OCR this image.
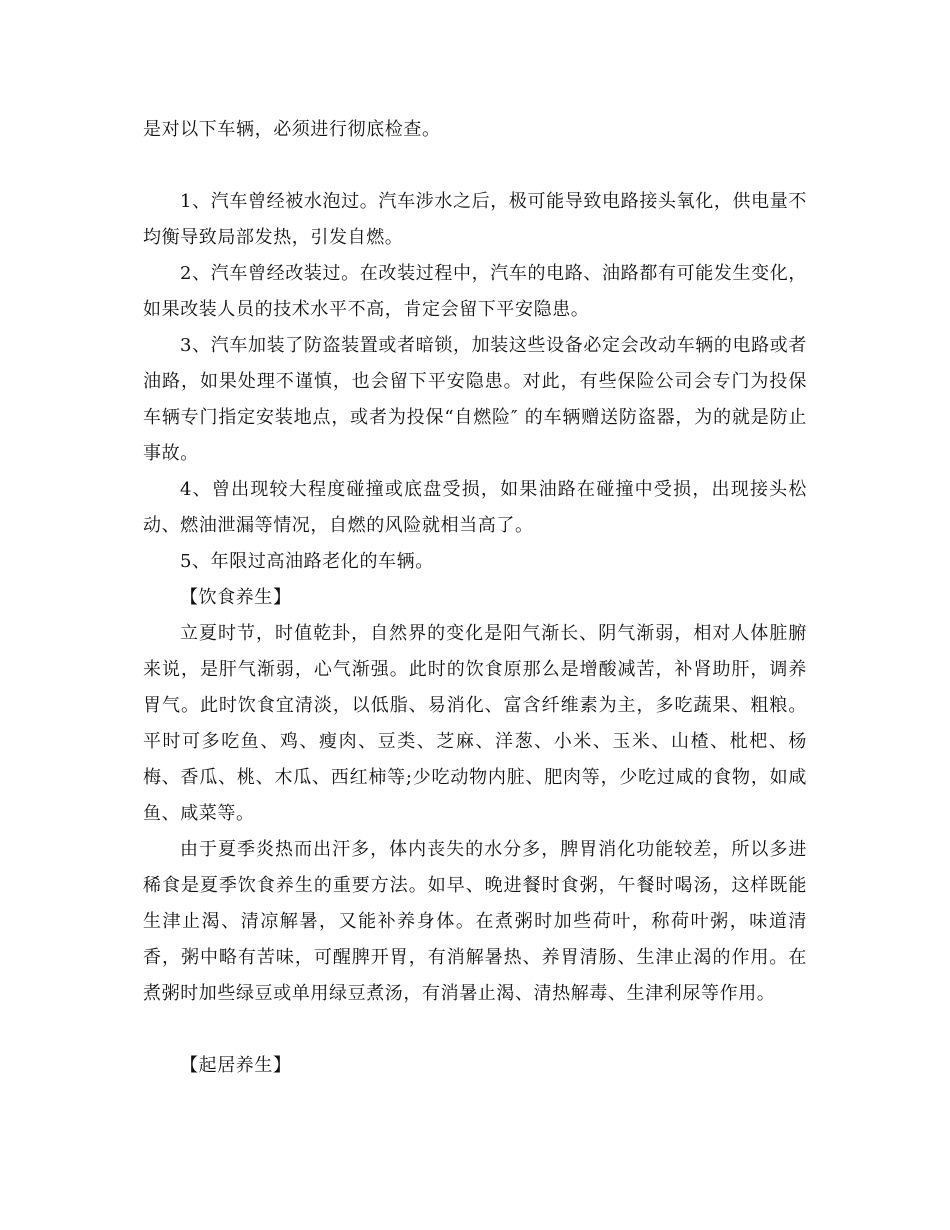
是对以下车辆，必须进行彻底检查。

1、汽车曾经被水泡过。汽车涉水之后，极可能导致电路接头氧化，供电量不均衡导致局部发热，引发自燃。

2、汽车曾经改装过。在改装过程中，汽车的电路、油路都有可能发生变化，如果改装人员的技术水平不高，肯定会留下平安隐患。

3、汽车加装了防盗装置或者暗锁，加装这些设备必定会改动车辆的电路或者油路，如果处理不谨慎，也会留下平安隐患。对此，有些保险公司会专门为投保车辆专门指定安装地点，或者为投保“自燃险″ 的车辆赠送防盗器，为的就是防止事故。

4、曾出现较大程度碰撞或底盘受损，如果油路在碰撞中受损，出现接头松动、燃油泄漏等情况，自燃的风险就相当高了。

5、年限过高油路老化的车辆。

【饮食养生】

立夏时节，时值乾卦，自然界的变化是阳气渐长、阴气渐弱，相对人体脏腑来说，是肝气渐弱，心气渐强。此时的饮食原那么是增酸减苦，补肾助肝，调养胃气。此时饮食宜清淡，以低脂、易消化、富含纤维素为主，多吃蔬果、粗粮。平时可多吃鱼、鸡、瘦肉、豆类、芝麻、洋葱、小米、玉米、山楂、枇杷、杨梅、香瓜、桃、木瓜、西红柿等;少吃动物内脏、肥肉等，少吃过咸的食物，如咸鱼、咸菜等。

由于夏季炎热而出汗多，体内丧失的水分多，脾胃消化功能较差，所以多进稀食是夏季饮食养生的重要方法。如早、晚进餐时食粥，午餐时喝汤，这样既能生津止渴、清凉解暑，又能补养身体。在煮粥时加些荷叶，称荷叶粥，味道清香，粥中略有苦味，可醒脾开胃，有消解暑热、养胃清肠、生津止渴的作用。在煮粥时加些绿豆或单用绿豆煮汤，有消暑止渴、清热解毒、生津利尿等作用。

【起居养生】
